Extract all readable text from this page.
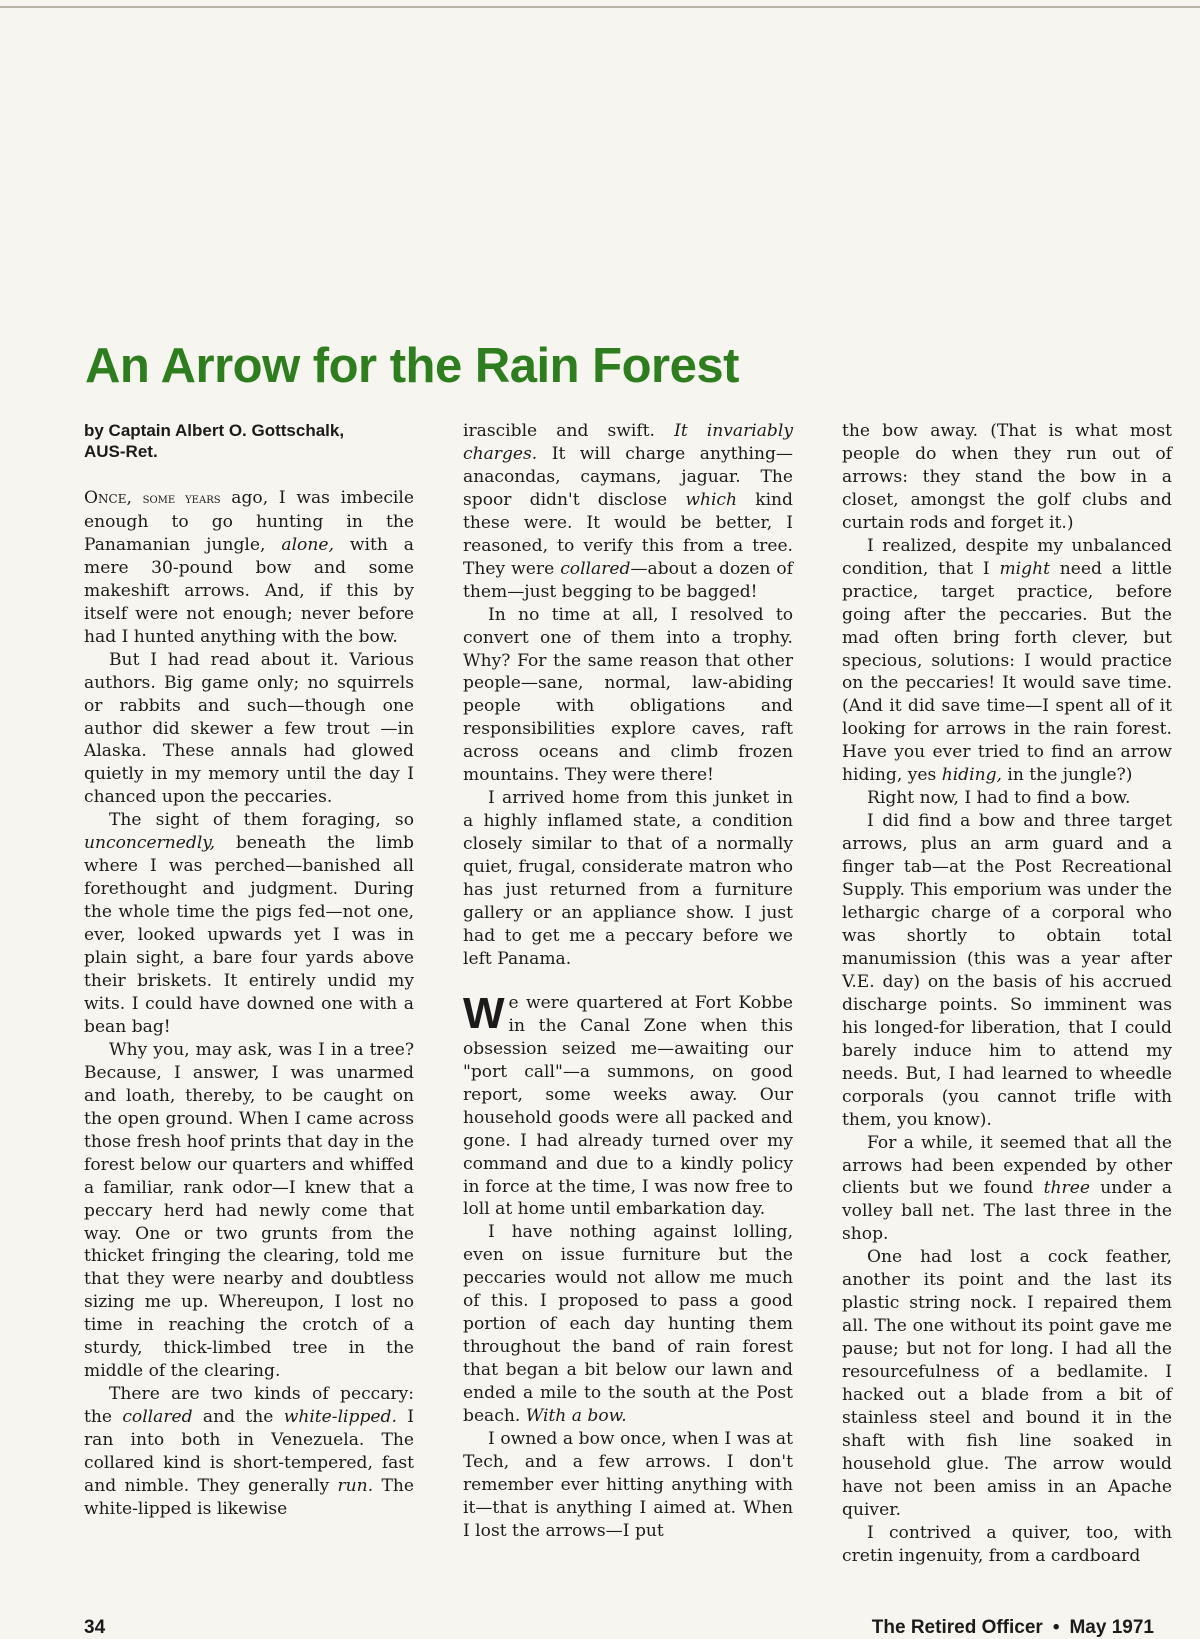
An Arrow for the Rain Forest
by Captain Albert O. Gottschalk,
AUS-Ret.

Once, some years ago, I was imbecile enough to go hunting in the Panamanian jungle, alone, with a mere 30-pound bow and some makeshift arrows. And, if this by itself were not enough; never before had I hunted anything with the bow.

But I had read about it. Various authors. Big game only; no squirrels or rabbits and such—though one author did skewer a few trout —in Alaska. These annals had glowed quietly in my memory until the day I chanced upon the peccaries.

The sight of them foraging, so unconcernedly, beneath the limb where I was perched—banished all forethought and judgment. During the whole time the pigs fed—not one, ever, looked upwards yet I was in plain sight, a bare four yards above their briskets. It entirely undid my wits. I could have downed one with a bean bag!

Why you, may ask, was I in a tree? Because, I answer, I was unarmed and loath, thereby, to be caught on the open ground. When I came across those fresh hoof prints that day in the forest below our quarters and whiffed a familiar, rank odor—I knew that a peccary herd had newly come that way. One or two grunts from the thicket fringing the clearing, told me that they were nearby and doubtless sizing me up. Whereupon, I lost no time in reaching the crotch of a sturdy, thick-limbed tree in the middle of the clearing.

There are two kinds of peccary: the collared and the white-lipped. I ran into both in Venezuela. The collared kind is short-tempered, fast and nimble. They generally run. The white-lipped is likewise

irascible and swift. It invariably charges. It will charge anything—anacondas, caymans, jaguar. The spoor didn't disclose which kind these were. It would be better, I reasoned, to verify this from a tree. They were collared—about a dozen of them—just begging to be bagged!

In no time at all, I resolved to convert one of them into a trophy. Why? For the same reason that other people—sane, normal, law-abiding people with obligations and responsibilities explore caves, raft across oceans and climb frozen mountains. They were there!

I arrived home from this junket in a highly inflamed state, a condition closely similar to that of a normally quiet, frugal, considerate matron who has just returned from a furniture gallery or an appliance show. I just had to get me a peccary before we left Panama.

We were quartered at Fort Kobbe in the Canal Zone when this obsession seized me—awaiting our "port call"—a summons, on good report, some weeks away. Our household goods were all packed and gone. I had already turned over my command and due to a kindly policy in force at the time, I was now free to loll at home until embarkation day.

I have nothing against lolling, even on issue furniture but the peccaries would not allow me much of this. I proposed to pass a good portion of each day hunting them throughout the band of rain forest that began a bit below our lawn and ended a mile to the south at the Post beach. With a bow.

I owned a bow once, when I was at Tech, and a few arrows. I don't remember ever hitting anything with it—that is anything I aimed at. When I lost the arrows—I put

the bow away. (That is what most people do when they run out of arrows: they stand the bow in a closet, amongst the golf clubs and curtain rods and forget it.)

I realized, despite my unbalanced condition, that I might need a little practice, target practice, before going after the peccaries. But the mad often bring forth clever, but specious, solutions: I would practice on the peccaries! It would save time. (And it did save time—I spent all of it looking for arrows in the rain forest. Have you ever tried to find an arrow hiding, yes hiding, in the jungle?)

Right now, I had to find a bow.

I did find a bow and three target arrows, plus an arm guard and a finger tab—at the Post Recreational Supply. This emporium was under the lethargic charge of a corporal who was shortly to obtain total manumission (this was a year after V.E. day) on the basis of his accrued discharge points. So imminent was his longed-for liberation, that I could barely induce him to attend my needs. But, I had learned to wheedle corporals (you cannot trifle with them, you know).

For a while, it seemed that all the arrows had been expended by other clients but we found three under a volley ball net. The last three in the shop.

One had lost a cock feather, another its point and the last its plastic string nock. I repaired them all. The one without its point gave me pause; but not for long. I had all the resourcefulness of a bedlamite. I hacked out a blade from a bit of stainless steel and bound it in the shaft with fish line soaked in household glue. The arrow would have not been amiss in an Apache quiver.

I contrived a quiver, too, with cretin ingenuity, from a cardboard

34	The Retired Officer • May 1971
